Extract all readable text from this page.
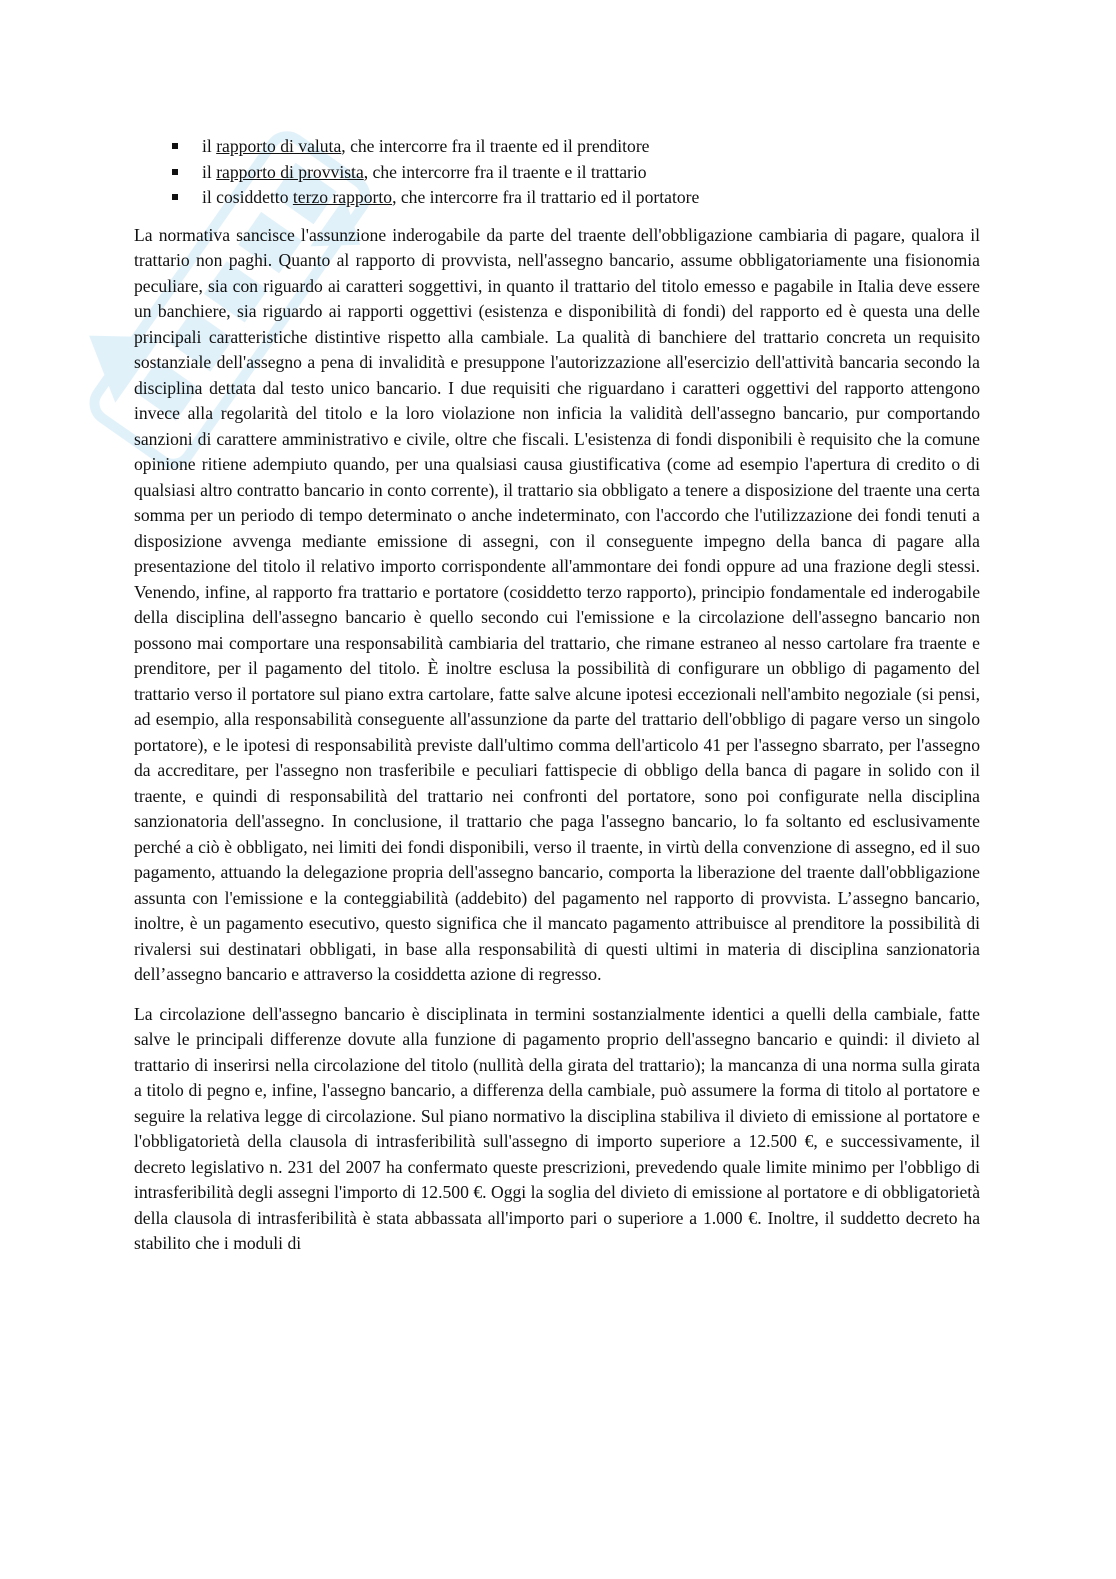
il rapporto di valuta, che intercorre fra il traente ed il prenditore
il rapporto di provvista, che intercorre fra il traente e il trattario
il cosiddetto terzo rapporto, che intercorre fra il trattario ed il portatore

La normativa sancisce l'assunzione inderogabile da parte del traente dell'obbligazione cambiaria di pagare, qualora il trattario non paghi. Quanto al rapporto di provvista, nell'assegno bancario, assume obbligatoriamente una fisionomia peculiare, sia con riguardo ai caratteri soggettivi, in quanto il trattario del titolo emesso e pagabile in Italia deve essere un banchiere, sia riguardo ai rapporti oggettivi (esistenza e disponibilità di fondi) del rapporto ed è questa una delle principali caratteristiche distintive rispetto alla cambiale. La qualità di banchiere del trattario concreta un requisito sostanziale dell'assegno a pena di invalidità e presuppone l'autorizzazione all'esercizio dell'attività bancaria secondo la disciplina dettata dal testo unico bancario. I due requisiti che riguardano i caratteri oggettivi del rapporto attengono invece alla regolarità del titolo e la loro violazione non inficia la validità dell'assegno bancario, pur comportando sanzioni di carattere amministrativo e civile, oltre che fiscali. L'esistenza di fondi disponibili è requisito che la comune opinione ritiene adempiuto quando, per una qualsiasi causa giustificativa (come ad esempio l'apertura di credito o di qualsiasi altro contratto bancario in conto corrente), il trattario sia obbligato a tenere a disposizione del traente una certa somma per un periodo di tempo determinato o anche indeterminato, con l'accordo che l'utilizzazione dei fondi tenuti a disposizione avvenga mediante emissione di assegni, con il conseguente impegno della banca di pagare alla presentazione del titolo il relativo importo corrispondente all'ammontare dei fondi oppure ad una frazione degli stessi. Venendo, infine, al rapporto fra trattario e portatore (cosiddetto terzo rapporto), principio fondamentale ed inderogabile della disciplina dell'assegno bancario è quello secondo cui l'emissione e la circolazione dell'assegno bancario non possono mai comportare una responsabilità cambiaria del trattario, che rimane estraneo al nesso cartolare fra traente e prenditore, per il pagamento del titolo. È inoltre esclusa la possibilità di configurare un obbligo di pagamento del trattario verso il portatore sul piano extra cartolare, fatte salve alcune ipotesi eccezionali nell'ambito negoziale (si pensi, ad esempio, alla responsabilità conseguente all'assunzione da parte del trattario dell'obbligo di pagare verso un singolo portatore), e le ipotesi di responsabilità previste dall'ultimo comma dell'articolo 41 per l'assegno sbarrato, per l'assegno da accreditare, per l'assegno non trasferibile e peculiari fattispecie di obbligo della banca di pagare in solido con il traente, e quindi di responsabilità del trattario nei confronti del portatore, sono poi configurate nella disciplina sanzionatoria dell'assegno. In conclusione, il trattario che paga l'assegno bancario, lo fa soltanto ed esclusivamente perché a ciò è obbligato, nei limiti dei fondi disponibili, verso il traente, in virtù della convenzione di assegno, ed il suo pagamento, attuando la delegazione propria dell'assegno bancario, comporta la liberazione del traente dall'obbligazione assunta con l'emissione e la conteggiabilità (addebito) del pagamento nel rapporto di provvista. L’assegno bancario, inoltre, è un pagamento esecutivo, questo significa che il mancato pagamento attribuisce al prenditore la possibilità di rivalersi sui destinatari obbligati, in base alla responsabilità di questi ultimi in materia di disciplina sanzionatoria dell’assegno bancario e attraverso la cosiddetta azione di regresso.

La circolazione dell'assegno bancario è disciplinata in termini sostanzialmente identici a quelli della cambiale, fatte salve le principali differenze dovute alla funzione di pagamento proprio dell'assegno bancario e quindi: il divieto al trattario di inserirsi nella circolazione del titolo (nullità della girata del trattario); la mancanza di una norma sulla girata a titolo di pegno e, infine, l'assegno bancario, a differenza della cambiale, può assumere la forma di titolo al portatore e seguire la relativa legge di circolazione. Sul piano normativo la disciplina stabiliva il divieto di emissione al portatore e l'obbligatorietà della clausola di intrasferibilità sull'assegno di importo superiore a 12.500 €, e successivamente, il decreto legislativo n. 231 del 2007 ha confermato queste prescrizioni, prevedendo quale limite minimo per l'obbligo di intrasferibilità degli assegni l'importo di 12.500 €. Oggi la soglia del divieto di emissione al portatore e di obbligatorietà della clausola di intrasferibilità è stata abbassata all'importo pari o superiore a 1.000 €. Inoltre, il suddetto decreto ha stabilito che i moduli di
